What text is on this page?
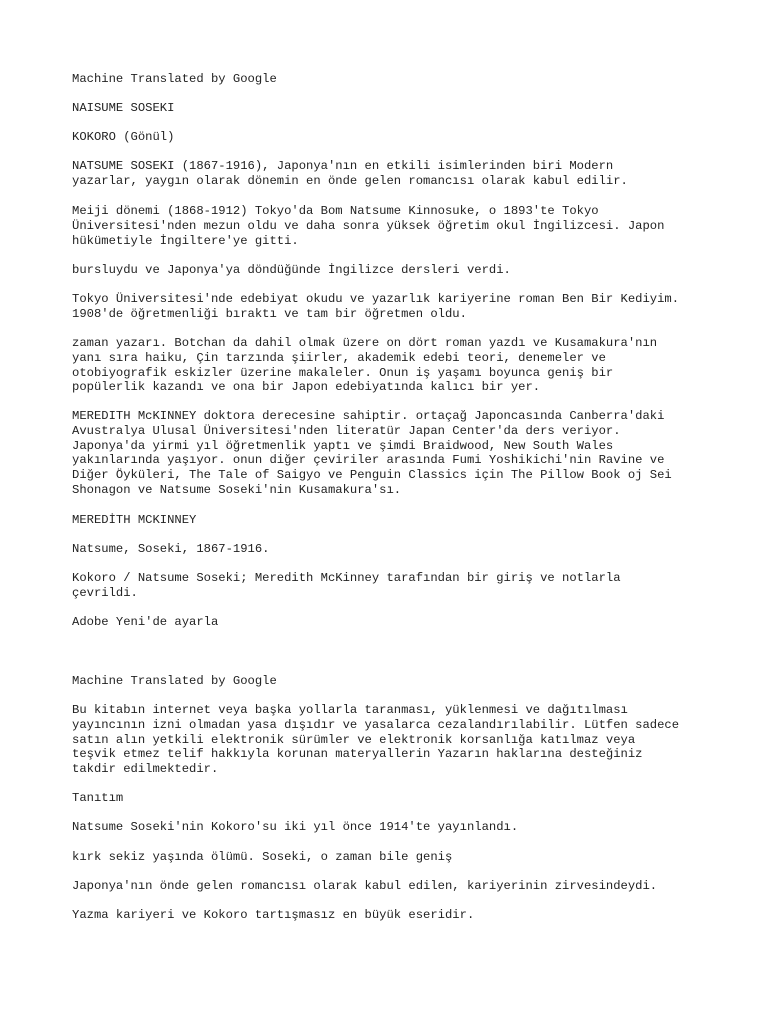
Machine Translated by Google

NAISUME SOSEKI

KOKORO (Gönül)

NATSUME SOSEKI (1867-1916), Japonya'nın en etkili isimlerinden biri Modern
yazarlar, yaygın olarak dönemin en önde gelen romancısı olarak kabul edilir.

Meiji dönemi (1868-1912) Tokyo'da Bom Natsume Kinnosuke, o 1893'te Tokyo
Üniversitesi'nden mezun oldu ve daha sonra yüksek öğretim okul İngilizcesi. Japon
hükümetiyle İngiltere'ye gitti.

bursluydu ve Japonya'ya döndüğünde İngilizce dersleri verdi.

Tokyo Üniversitesi'nde edebiyat okudu ve yazarlık kariyerine roman Ben Bir Kediyim.
1908'de öğretmenliği bıraktı ve tam bir öğretmen oldu.

zaman yazarı. Botchan da dahil olmak üzere on dört roman yazdı ve Kusamakura'nın
yanı sıra haiku, Çin tarzında şiirler, akademik edebi teori, denemeler ve
otobiyografik eskizler üzerine makaleler. Onun iş yaşamı boyunca geniş bir
popülerlik kazandı ve ona bir Japon edebiyatında kalıcı bir yer.

MEREDITH McKINNEY doktora derecesine sahiptir. ortaçağ Japoncasında Canberra'daki
Avustralya Ulusal Üniversitesi'nden literatür Japan Center'da ders veriyor.
Japonya'da yirmi yıl öğretmenlik yaptı ve şimdi Braidwood, New South Wales
yakınlarında yaşıyor. onun diğer çeviriler arasında Fumi Yoshikichi'nin Ravine ve
Diğer Öyküleri, The Tale of Saigyo ve Penguin Classics için The Pillow Book oj Sei
Shonagon ve Natsume Soseki'nin Kusamakura'sı.

MEREDİTH MCKINNEY

Natsume, Soseki, 1867-1916.

Kokoro / Natsume Soseki; Meredith McKinney tarafından bir giriş ve notlarla
çevrildi.

Adobe Yeni'de ayarla

Machine Translated by Google

Bu kitabın internet veya başka yollarla taranması, yüklenmesi ve dağıtılması
yayıncının izni olmadan yasa dışıdır ve yasalarca cezalandırılabilir. Lütfen sadece
satın alın yetkili elektronik sürümler ve elektronik korsanlığa katılmaz veya
teşvik etmez telif hakkıyla korunan materyallerin Yazarın haklarına desteğiniz
takdir edilmektedir.

Tanıtım

Natsume Soseki'nin Kokoro'su iki yıl önce 1914'te yayınlandı.

kırk sekiz yaşında ölümü. Soseki, o zaman bile geniş

Japonya'nın önde gelen romancısı olarak kabul edilen, kariyerinin zirvesindeydi.

Yazma kariyeri ve Kokoro tartışmasız en büyük eseridir.
